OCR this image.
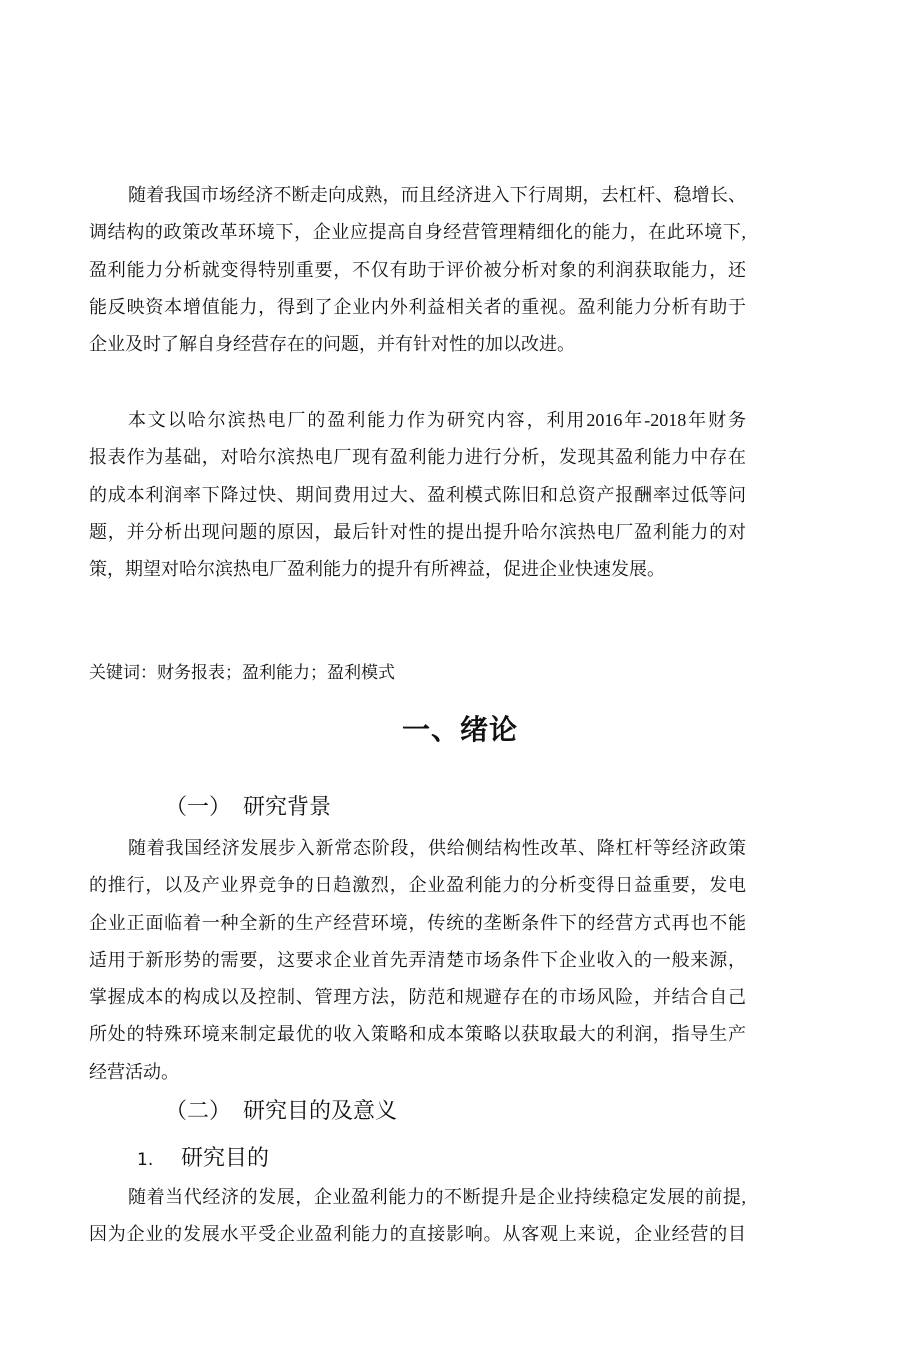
随着我国市场经济不断走向成熟，而且经济进入下行周期，去杠杆、稳增长、
调结构的政策改革环境下，企业应提高自身经营管理精细化的能力，在此环境下,
盈利能力分析就变得特别重要，不仅有助于评价被分析对象的利润获取能力，还
能反映资本增值能力，得到了企业内外利益相关者的重视。盈利能力分析有助于
企业及时了解自身经营存在的问题，并有针对性的加以改进。
本文以哈尔滨热电厂的盈利能力作为研究内容，利用2016年-2018年财务
报表作为基础，对哈尔滨热电厂现有盈利能力进行分析，发现其盈利能力中存在
的成本利润率下降过快、期间费用过大、盈利模式陈旧和总资产报酬率过低等问
题，并分析出现问题的原因，最后针对性的提出提升哈尔滨热电厂盈利能力的对
策，期望对哈尔滨热电厂盈利能力的提升有所裨益，促进企业快速发展。
关键词：财务报表；盈利能力；盈利模式
一、绪论
（一） 研究背景
随着我国经济发展步入新常态阶段，供给侧结构性改革、降杠杆等经济政策
的推行，以及产业界竞争的日趋激烈，企业盈利能力的分析变得日益重要，发电
企业正面临着一种全新的生产经营环境，传统的垄断条件下的经营方式再也不能
适用于新形势的需要，这要求企业首先弄清楚市场条件下企业收入的一般来源，
掌握成本的构成以及控制、管理方法，防范和规避存在的市场风险，并结合自己
所处的特殊环境来制定最优的收入策略和成本策略以获取最大的利润，指导生产
经营活动。
（二） 研究目的及意义
1. 研究目的
随着当代经济的发展，企业盈利能力的不断提升是企业持续稳定发展的前提,
因为企业的发展水平受企业盈利能力的直接影响。从客观上来说，企业经营的目
